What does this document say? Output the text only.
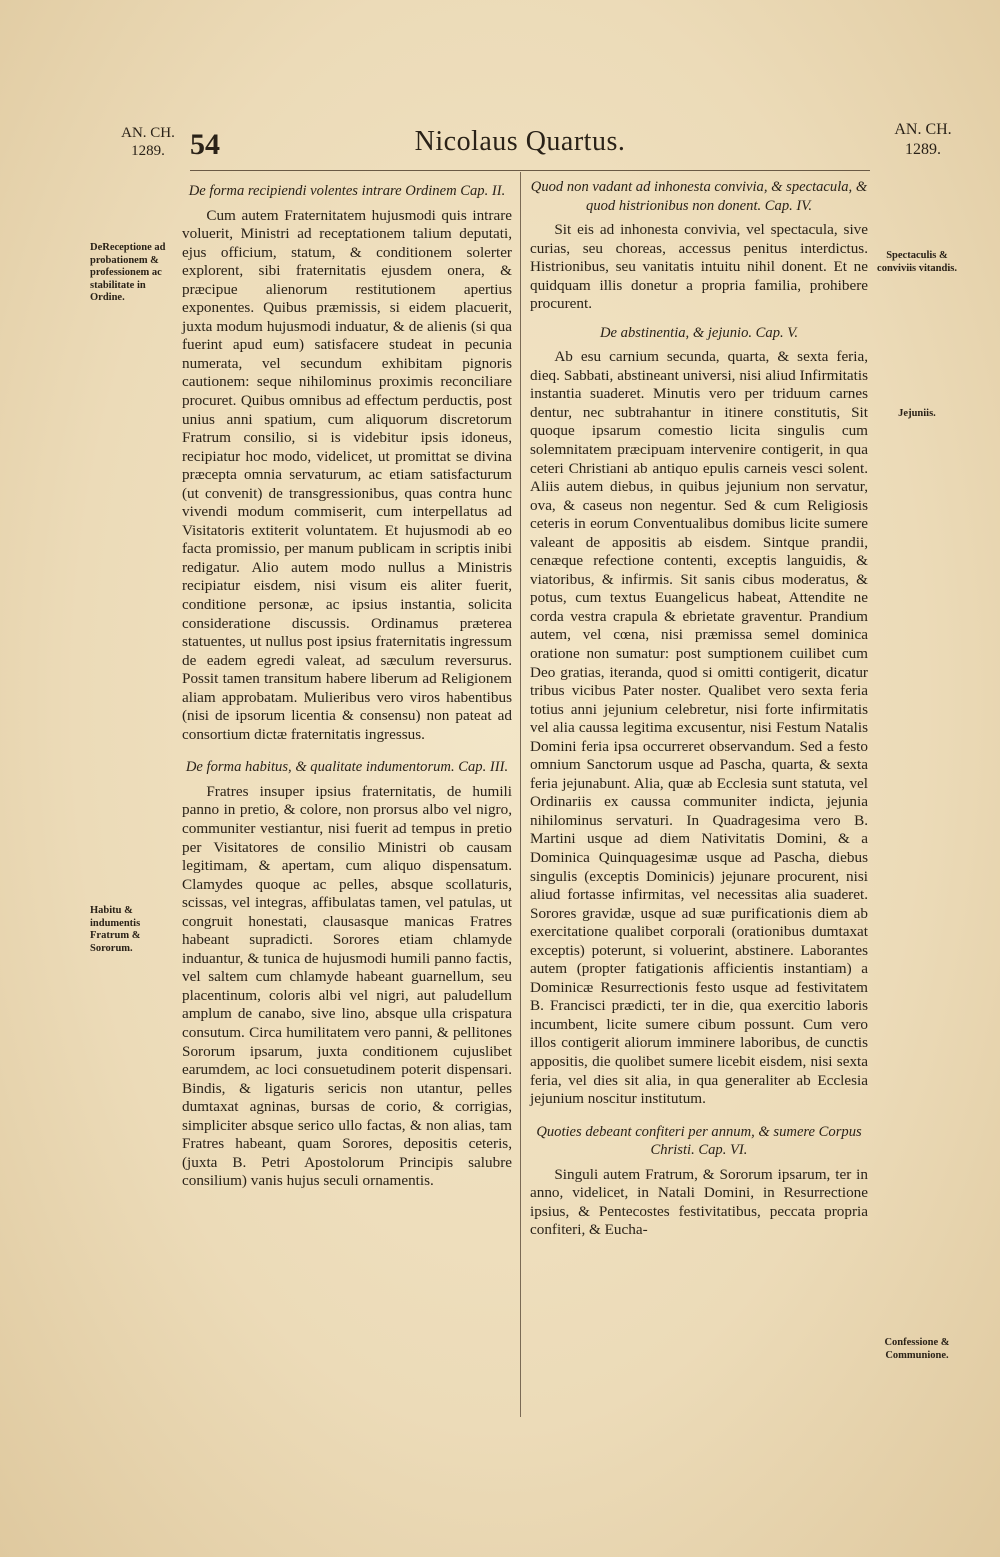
AN. CH.
1289. 54	Nicolaus Quartus.	AN. CH.
1289.
DeReceptione ad probationem & professionem ac stabilitate in Ordine.
Habitu & indumentis Fratrum & Sororum.
Spectaculis & conviviis vitandis.
Jejuniis.
Confessione & Communione.
De forma recipiendi volentes intrare Ordinem Cap. II.
Cum autem Fraternitatem hujusmodi quis intrare voluerit, Ministri ad receptationem talium deputati, ejus officium, statum, & conditionem solerter explorent, sibi fraternitatis ejusdem onera, & præcipue alienorum restitutionem apertius exponentes. Quibus præmissis, si eidem placuerit, juxta modum hujusmodi induatur, & de alienis (si qua fuerint apud eum) satisfacere studeat in pecunia numerata, vel secundum exhibitam pignoris cautionem: seque nihilominus proximis reconciliare procuret. Quibus omnibus ad effectum perductis, post unius anni spatium, cum aliquorum discretorum Fratrum consilio, si is videbitur ipsis idoneus, recipiatur hoc modo, videlicet, ut promittat se divina præcepta omnia servaturum, ac etiam satisfacturum (ut convenit) de transgressionibus, quas contra hunc vivendi modum commiserit, cum interpellatus ad Visitatoris extiterit voluntatem. Et hujusmodi ab eo facta promissio, per manum publicam in scriptis inibi redigatur. Alio autem modo nullus a Ministris recipiatur eisdem, nisi visum eis aliter fuerit, conditione personæ, ac ipsius instantia, solicita consideratione discussis. Ordinamus præterea statuentes, ut nullus post ipsius fraternitatis ingressum de eadem egredi valeat, ad sæculum reversurus. Possit tamen transitum habere liberum ad Religionem aliam approbatam. Mulieribus vero viros habentibus (nisi de ipsorum licentia & consensu) non pateat ad consortium dictæ fraternitatis ingressus.
De forma habitus, & qualitate indumentorum. Cap. III.
Fratres insuper ipsius fraternitatis, de humili panno in pretio, & colore, non prorsus albo vel nigro, communiter vestiantur, nisi fuerit ad tempus in pretio per Visitatores de consilio Ministri ob causam legitimam, & apertam, cum aliquo dispensatum. Clamydes quoque ac pelles, absque scollaturis, scissas, vel integras, affibulatas tamen, vel patulas, ut congruit honestati, clausasque manicas Fratres habeant supradicti. Sorores etiam chlamyde induantur, & tunica de hujusmodi humili panno factis, vel saltem cum chlamyde habeant guarnellum, seu placentinum, coloris albi vel nigri, aut paludellum amplum de canabo, sive lino, absque ulla crispatura consutum. Circa humilitatem vero panni, & pellitones Sororum ipsarum, juxta conditionem cujuslibet earumdem, ac loci consuetudinem poterit dispensari. Bindis, & ligaturis sericis non utantur, pelles dumtaxat agninas, bursas de corio, & corrigias, simpliciter absque serico ullo factas, & non alias, tam Fratres habeant, quam Sorores, depositis ceteris, (juxta B. Petri Apostolorum Principis salubre consilium) vanis hujus seculi ornamentis.
Quod non vadant ad inhonesta convivia, & spectacula, & quod histrionibus non donent. Cap. IV.
Sit eis ad inhonesta convivia, vel spectacula, sive curias, seu choreas, accessus penitus interdictus. Histrionibus, seu vanitatis intuitu nihil donent. Et ne quidquam illis donetur a propria familia, prohibere procurent.
De abstinentia, & jejunio. Cap. V.
Ab esu carnium secunda, quarta, & sexta feria, dieq. Sabbati, abstineant universi, nisi aliud Infirmitatis instantia suaderet. Minutis vero per triduum carnes dentur, nec subtrahantur in itinere constitutis, Sit quoque ipsarum comestio licita singulis cum solemnitatem præcipuam intervenire contigerit, in qua ceteri Christiani ab antiquo epulis carneis vesci solent. Aliis autem diebus, in quibus jejunium non servatur, ova, & caseus non negentur. Sed & cum Religiosis ceteris in eorum Conventualibus domibus licite sumere valeant de appositis ab eisdem. Sintque prandii, cenæque refectione contenti, exceptis languidis, & viatoribus, & infirmis. Sit sanis cibus moderatus, & potus, cum textus Euangelicus habeat, Attendite ne corda vestra crapula & ebrietate graventur. Prandium autem, vel cœna, nisi præmissa semel dominica oratione non sumatur: post sumptionem cuilibet cum Deo gratias, iteranda, quod si omitti contigerit, dicatur tribus vicibus Pater noster. Qualibet vero sexta feria totius anni jejunium celebretur, nisi forte infirmitatis vel alia caussa legitima excusentur, nisi Festum Natalis Domini feria ipsa occurreret observandum. Sed a festo omnium Sanctorum usque ad Pascha, quarta, & sexta feria jejunabunt. Alia, quæ ab Ecclesia sunt statuta, vel Ordinariis ex caussa communiter indicta, jejunia nihilominus servaturi. In Quadragesima vero B. Martini usque ad diem Nativitatis Domini, & a Dominica Quinquagesimæ usque ad Pascha, diebus singulis (exceptis Dominicis) jejunare procurent, nisi aliud fortasse infirmitas, vel necessitas alia suaderet. Sorores gravidæ, usque ad suæ purificationis diem ab exercitatione qualibet corporali (orationibus dumtaxat exceptis) poterunt, si voluerint, abstinere. Laborantes autem (propter fatigationis afficientis instantiam) a Dominicæ Resurrectionis festo usque ad festivitatem B. Francisci prædicti, ter in die, qua exercitio laboris incumbent, licite sumere cibum possunt. Cum vero illos contigerit aliorum imminere laboribus, de cunctis appositis, die quolibet sumere licebit eisdem, nisi sexta feria, vel dies sit alia, in qua generaliter ab Ecclesia jejunium noscitur institutum.
Quoties debeant confiteri per annum, & sumere Corpus Christi. Cap. VI.
Singuli autem Fratrum, & Sororum ipsarum, ter in anno, videlicet, in Natali Domini, in Resurrectione ipsius, & Pentecostes festivitatibus, peccata propria confiteri, & Eucha-
